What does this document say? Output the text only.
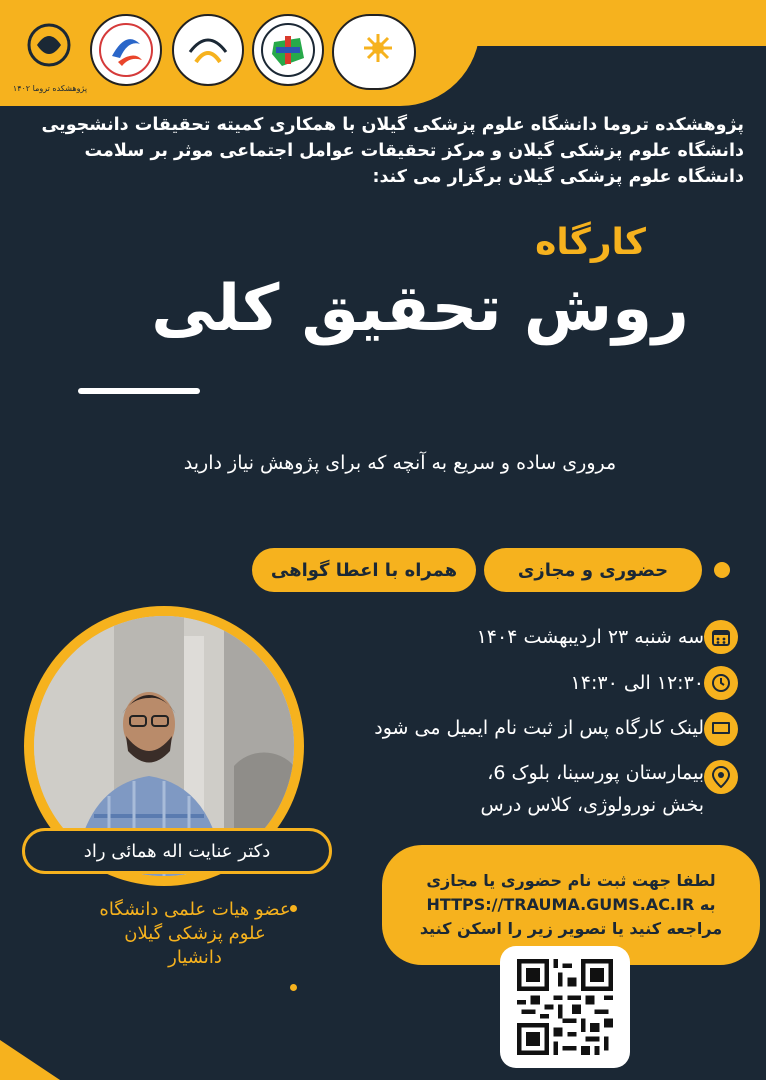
پژوهشکده تروما ۱۴۰۲
پژوهشکده تروما دانشگاه علوم پزشکی گیلان با همکاری کمیته تحقیقات دانشجویی دانشگاه علوم پزشکی گیلان و مرکز تحقیقات عوامل اجتماعی موثر بر سلامت دانشگاه علوم پزشکی گیلان برگزار می کند:
کارگاه
روش تحقیق کلی
مروری ساده و سریع به آنچه که برای پژوهش نیاز دارید
حضوری و مجازی
همراه با اعطا گواهی
سه شنبه ۲۳ اردیبهشت ۱۴۰۴
۱۲:۳۰ الی ۱۴:۳۰
لینک کارگاه پس از ثبت نام ایمیل می شود
بیمارستان پورسینا، بلوک 6،
بخش نورولوژی، کلاس درس
دکتر عنایت اله همائی راد
عضو هیات علمی دانشگاه علوم پزشکی گیلان
دانشیار
لطفا جهت ثبت نام حضوری یا مجازی
به HTTPS://TRAUMA.GUMS.AC.IR
مراجعه کنید یا تصویر زیر را اسکن کنید
